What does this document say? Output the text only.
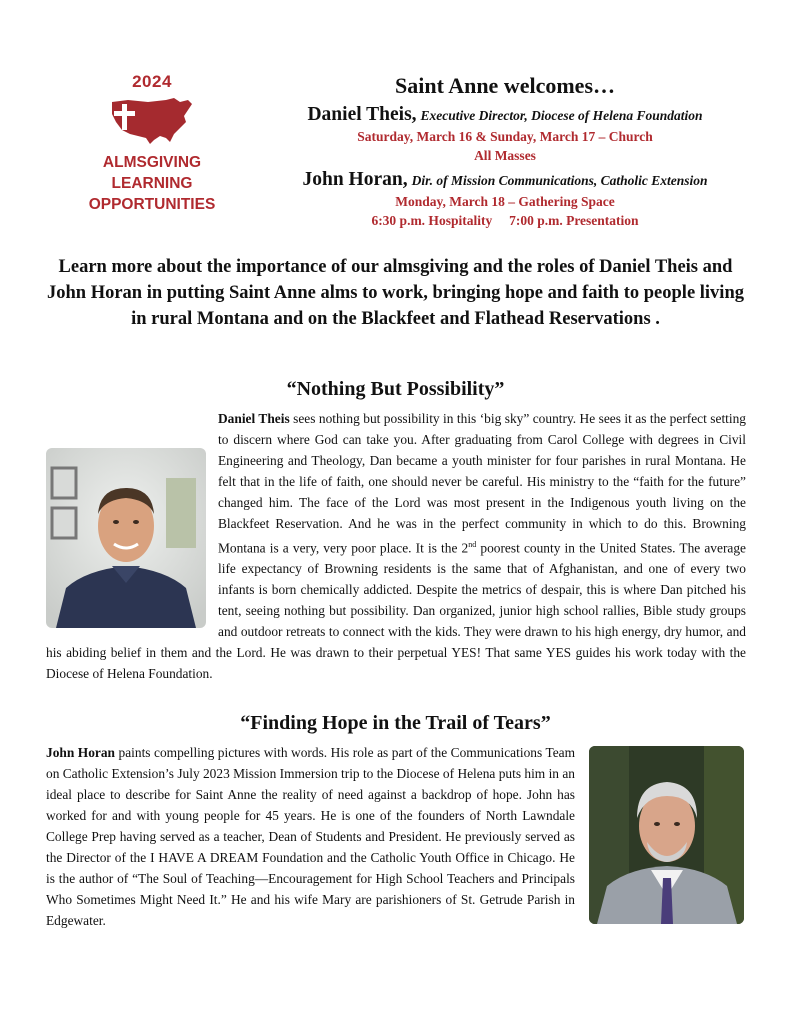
2024
ALMSGIVING
LEARNING
OPPORTUNITIES
Saint Anne welcomes…
Daniel Theis, Executive Director, Diocese of Helena Foundation
Saturday, March 16 & Sunday, March 17 – Church
All Masses
John Horan, Dir. of Mission Communications, Catholic Extension
Monday, March 18 – Gathering Space
6:30 p.m. Hospitality     7:00 p.m. Presentation
Learn more about the importance of our almsgiving and the roles of Daniel Theis and John Horan in putting Saint Anne alms to work, bringing hope and faith to people living in rural Montana and on the Blackfeet and Flathead Reservations .
“Nothing But Possibility”
Daniel Theis sees nothing but possibility in this ‘big sky” country. He sees it as the perfect setting to discern where God can take you. After graduating from Carol College with degrees in Civil Engineering and Theology, Dan became a youth minister for four parishes in rural Montana. He felt that in the life of faith, one should never be careful. His ministry to the “faith for the future” changed him. The face of the Lord was most present in the Indigenous youth living on the Blackfeet Reservation. And he was in the perfect community in which to do this. Browning Montana is a very, very poor place. It is the 2nd poorest county in the United States. The average life expectancy of Browning residents is the same that of Afghanistan, and one of every two infants is born chemically addicted. Despite the metrics of despair, this is where Dan pitched his tent, seeing nothing but possibility. Dan organized, junior high school rallies, Bible study groups and outdoor retreats to connect with the kids. They were drawn to his high energy, dry humor, and his abiding belief in them and the Lord. He was drawn to their perpetual YES! That same YES guides his work today with the Diocese of Helena Foundation.
“Finding Hope in the Trail of Tears”
John Horan paints compelling pictures with words. His role as part of the Communications Team on Catholic Extension’s July 2023 Mission Immersion trip to the Diocese of Helena puts him in an ideal place to describe for Saint Anne the reality of need against a backdrop of hope. John has worked for and with young people for 45 years. He is one of the founders of North Lawndale College Prep having served as a teacher, Dean of Students and President. He previously served as the Director of the I HAVE A DREAM Foundation and the Catholic Youth Office in Chicago. He is the author of “The Soul of Teaching—Encouragement for High School Teachers and Principals Who Sometimes Might Need It.” He and his wife Mary are parishioners of St. Getrude Parish in Edgewater.
